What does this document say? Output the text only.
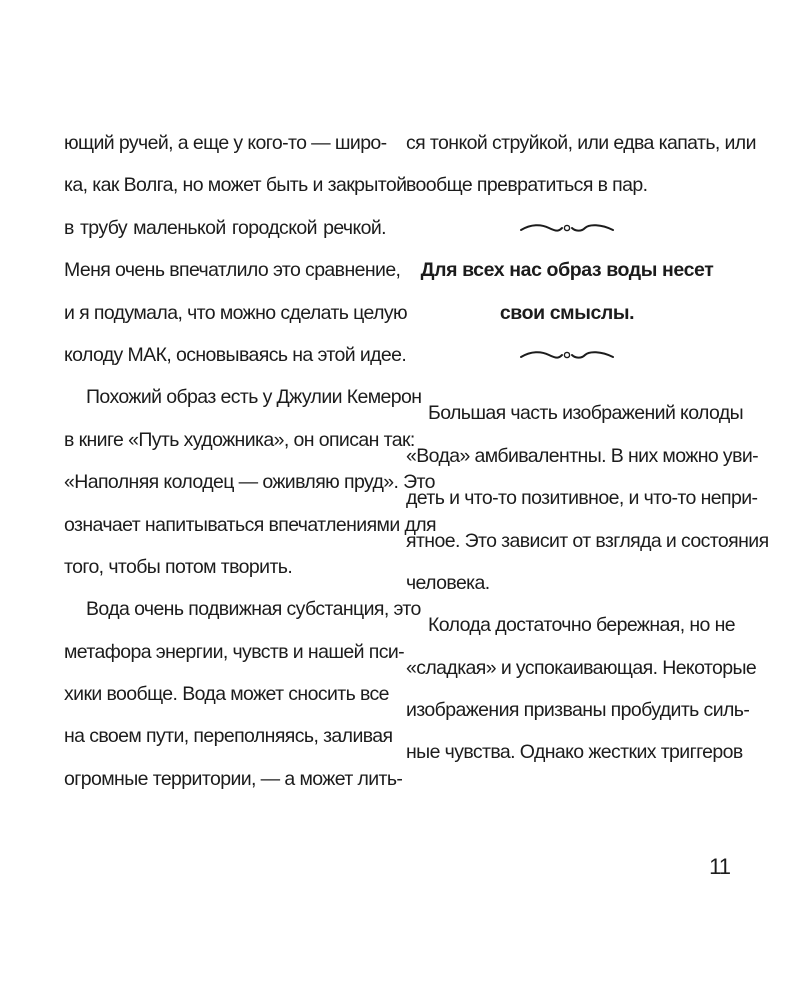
ющий ручей, а еще у кого-то — широ-
ка, как Волга, но может быть и закрытой
в трубу маленькой городской речкой.
Меня очень впечатлило это сравнение,
и я подумала, что можно сделать целую
колоду МАК, основываясь на этой идее.
Похожий образ есть у Джулии Кемерон
в книге «Путь художника», он описан так:
«Наполняя колодец — оживляю пруд». Это
означает напитываться впечатлениями для
того, чтобы потом творить.
Вода очень подвижная субстанция, это
метафора энергии, чувств и нашей пси-
хики вообще. Вода может сносить все
на своем пути, переполняясь, заливая
огромные территории, — а может лить-
ся тонкой струйкой, или едва капать, или
вообще превратиться в пар.
Для всех нас образ воды несет
свои смыслы.
Большая часть изображений колоды
«Вода» амбивалентны. В них можно уви-
деть и что-то позитивное, и что-то непри-
ятное. Это зависит от взгляда и состояния
человека.
Колода достаточно бережная, но не
«сладкая» и успокаивающая. Некоторые
изображения призваны пробудить силь-
ные чувства. Однако жестких триггеров
11
